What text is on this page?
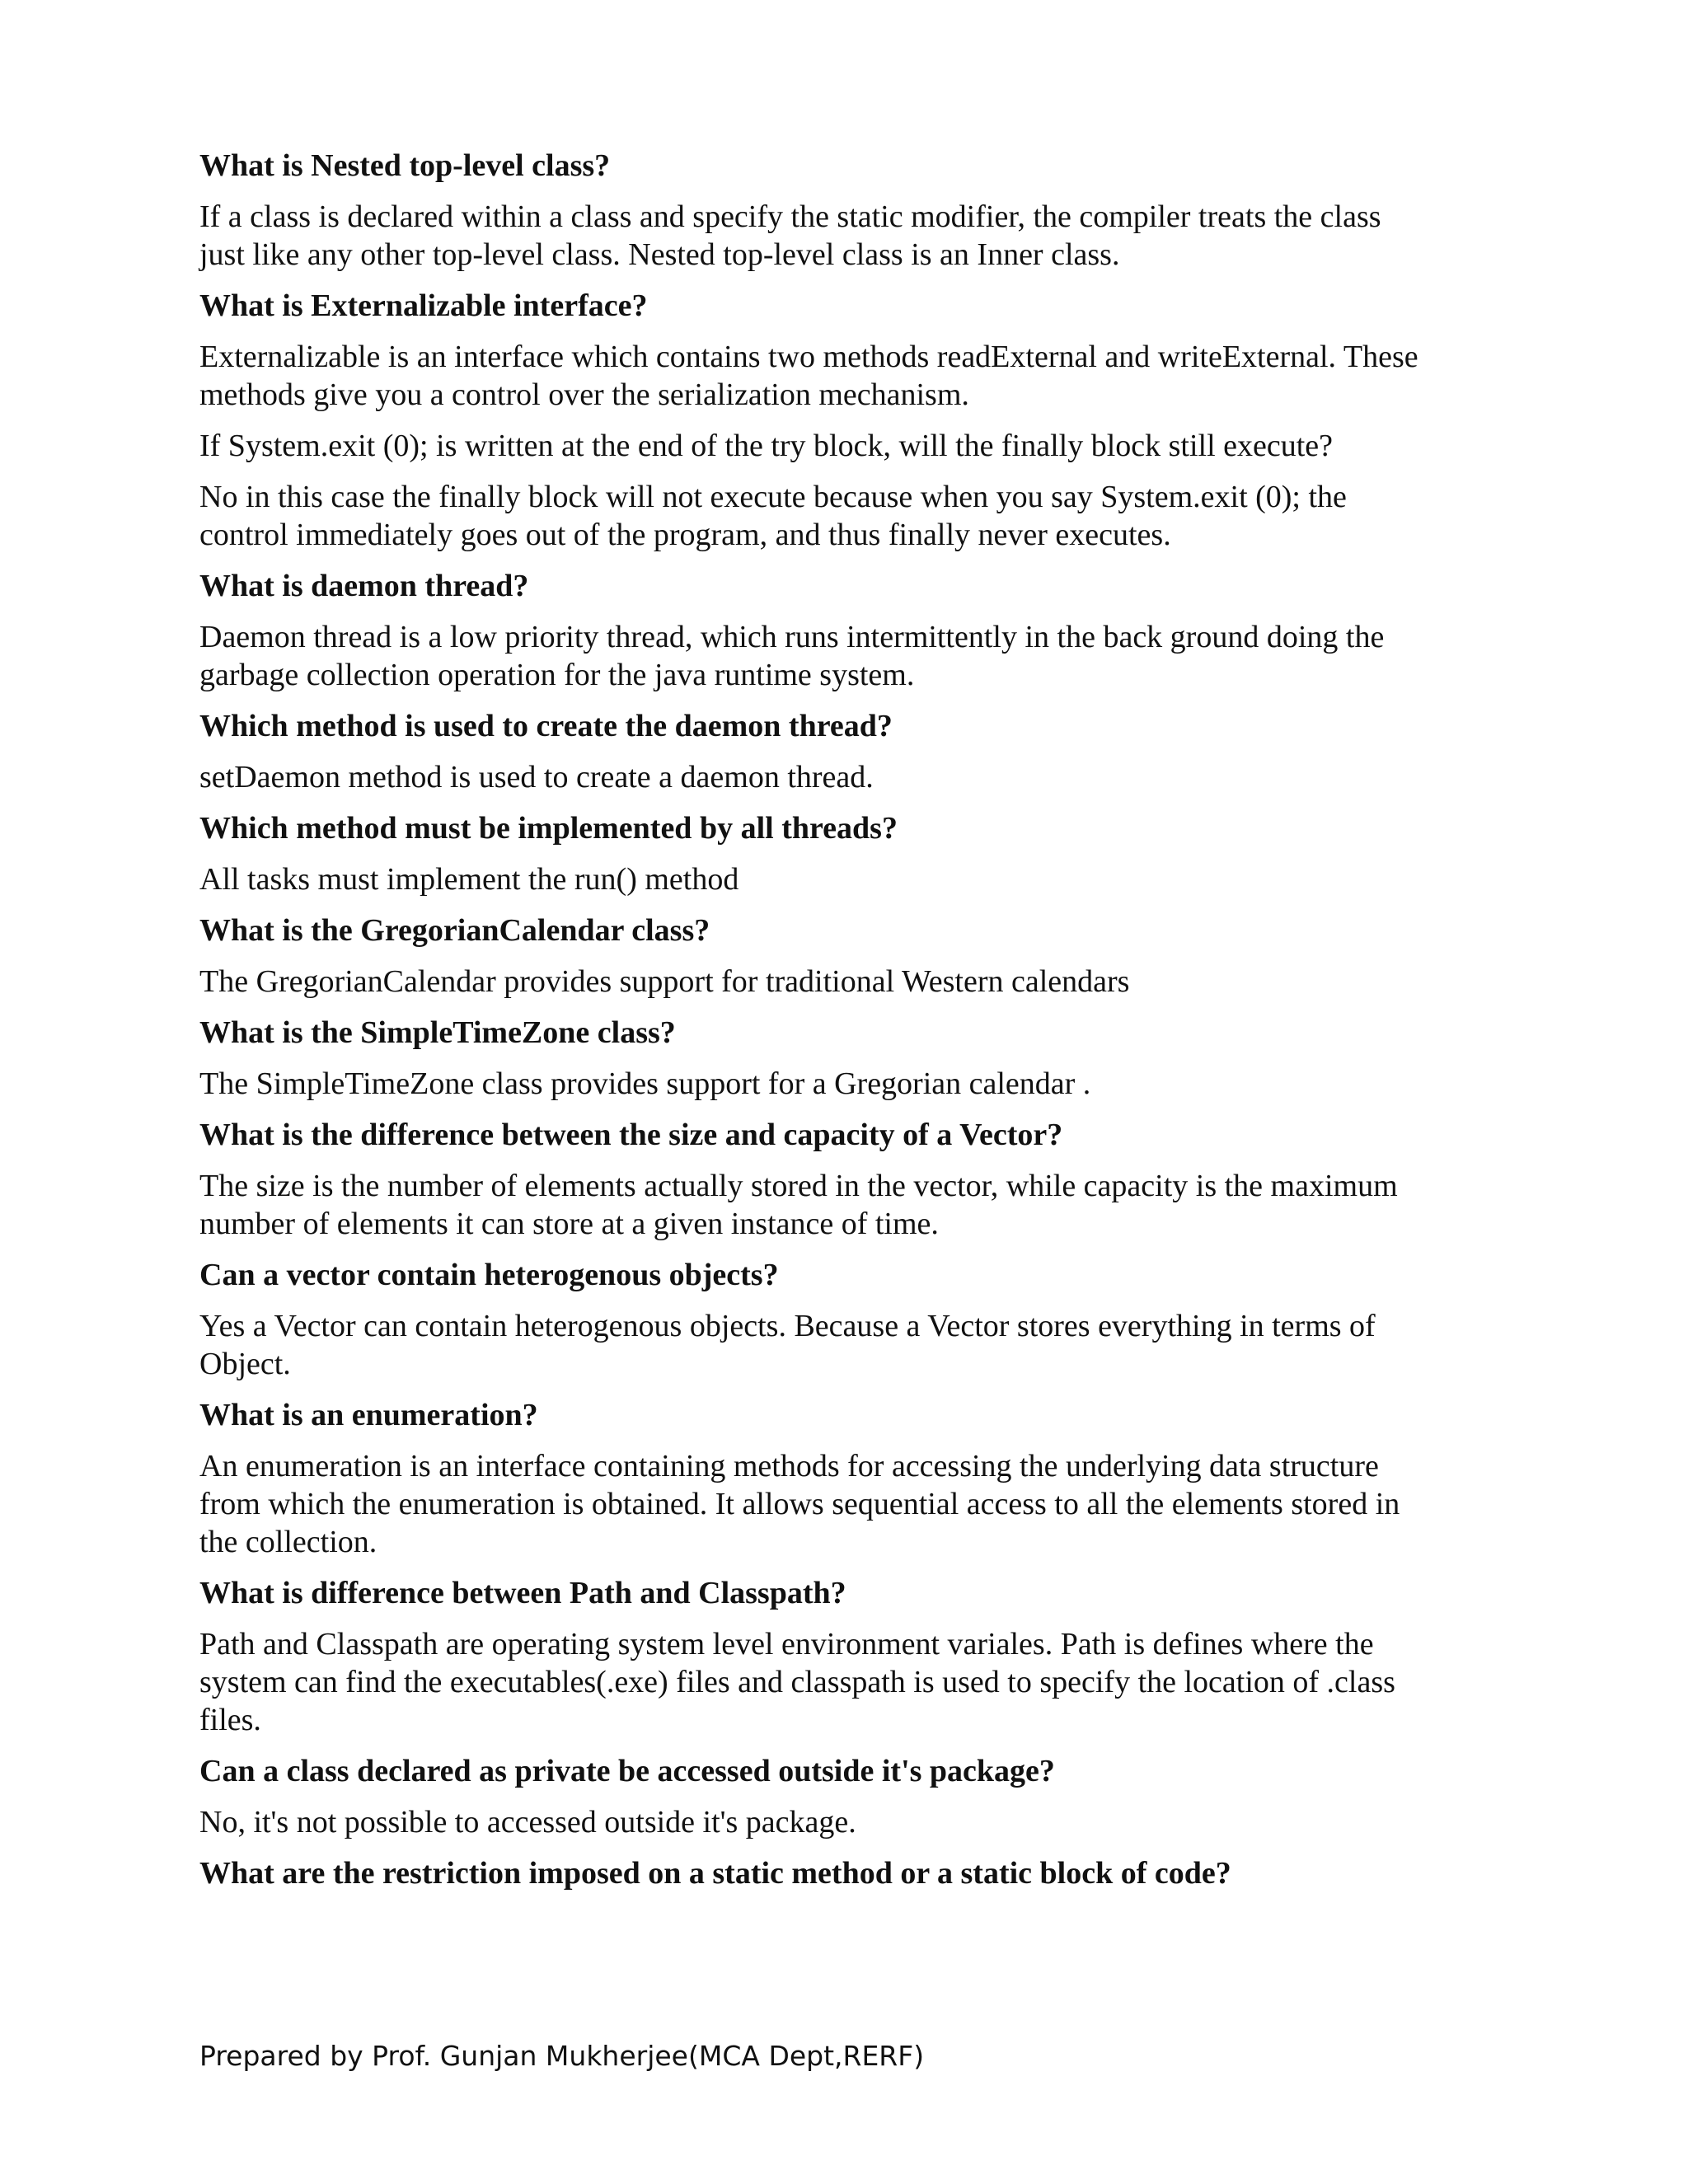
What is Nested top-level class?
If a class is declared within a class and specify the static modifier, the compiler treats the class
just like any other top-level class. Nested top-level class is an Inner class.
What is Externalizable interface?
Externalizable is an interface which contains two methods readExternal and writeExternal. These
methods give you a control over the serialization mechanism.
If System.exit (0); is written at the end of the try block, will the finally block still execute?
No in this case the finally block will not execute because when you say System.exit (0); the
control immediately goes out of the program, and thus finally never executes.
What is daemon thread?
Daemon thread is a low priority thread, which runs intermittently in the back ground doing the
garbage collection operation for the java runtime system.
Which method is used to create the daemon thread?
setDaemon method is used to create a daemon thread.
Which method must be implemented by all threads?
All tasks must implement the run() method
What is the GregorianCalendar class?
The GregorianCalendar provides support for traditional Western calendars
What is the SimpleTimeZone class?
The SimpleTimeZone class provides support for a Gregorian calendar .
What is the difference between the size and capacity of a Vector?
The size is the number of elements actually stored in the vector, while capacity is the maximum
number of elements it can store at a given instance of time.
Can a vector contain heterogenous objects?
Yes a Vector can contain heterogenous objects. Because a Vector stores everything in terms of
Object.
What is an enumeration?
An enumeration is an interface containing methods for accessing the underlying data structure
from which the enumeration is obtained. It allows sequential access to all the elements stored in
the collection.
What is difference between Path and Classpath?
Path and Classpath are operating system level environment variales. Path is defines where the
system can find the executables(.exe) files and classpath is used to specify the location of .class
files.
Can a class declared as private be accessed outside it's package?
No, it's not possible to accessed outside it's package.
What are the restriction imposed on a static method or a static block of code?
Prepared by Prof. Gunjan Mukherjee(MCA Dept,RERF)
